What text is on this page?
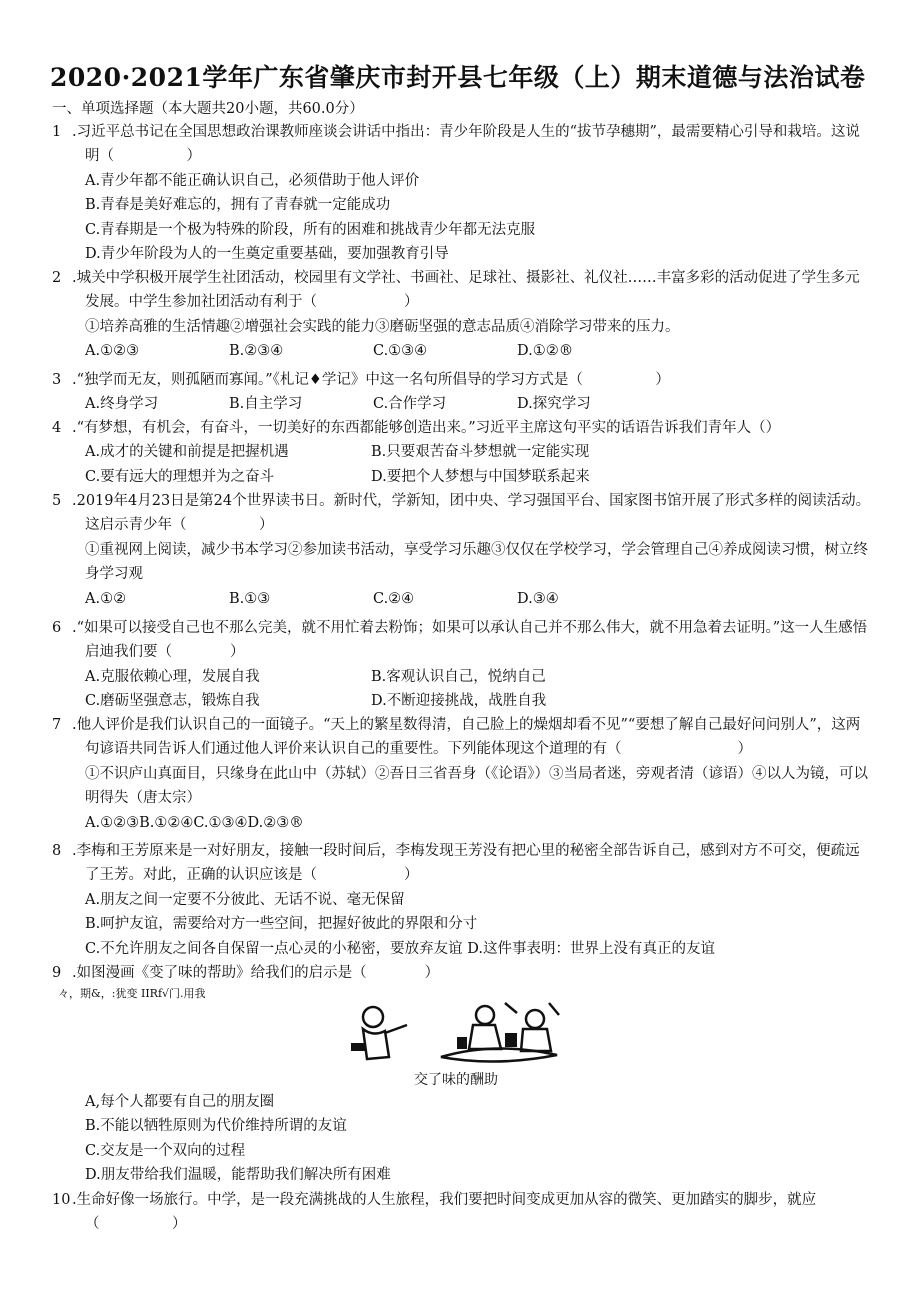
2020·2021学年广东省肇庆市封开县七年级（上）期末道德与法治试卷
一、单项选择题（本大题共20小题，共60.0分）
1 .习近平总书记在全国思想政治课教师座谈会讲话中指出：青少年阶段是人生的“拔节孕穗期”，最需要精心引导和栽培。这说明（　　　　　）
A.青少年都不能正确认识自己，必须借助于他人评价
B.青春是美好难忘的，拥有了青春就一定能成功
C.青春期是一个极为特殊的阶段，所有的困难和挑战青少年都无法克服
D.青少年阶段为人的一生奠定重要基础，要加强教育引导
2 .城关中学积极开展学生社团活动，校园里有文学社、书画社、足球社、摄影社、礼仪社……丰富多彩的活动促进了学生多元发展。中学生参加社团活动有利于（　　　　　　）
①培养高雅的生活情趣②增强社会实践的能力③磨砺坚强的意志品质④消除学习带来的压力。
A.①②③	B.②③④	C.①③④	D.①②®
3 .“独学而无友，则孤陋而寡闻。”《札记♦学记》中这一名句所倡导的学习方式是（　　　　　）
A.终身学习	B.自主学习	C.合作学习	D.探究学习
4 .“有梦想，有机会，有奋斗，一切美好的东西都能够创造出来。”习近平主席这句平实的话语告诉我们青年人（）
A.成才的关键和前提是把握机遇	B.只要艰苦奋斗梦想就一定能实现
C.要有远大的理想并为之奋斗	D.要把个人梦想与中国梦联系起来
5 .2019年4月23日是第24个世界读书日。新时代，学新知，团中央、学习强国平台、国家图书馆开展了形式多样的阅读活动。这启示青少年（　　　　　）
①重视网上阅读，减少书本学习②参加读书活动，享受学习乐趣③仅仅在学校学习，学会管理自己④养成阅读习惯，树立终身学习观
A.①②	B.①③	C.②④	D.③④
6 .“如果可以接受自己也不那么完美，就不用忙着去粉饰；如果可以承认自己并不那么伟大，就不用急着去证明。”这一人生感悟启迪我们要（　　　　）
A.克服依赖心理，发展自我	B.客观认识自己，悦纳自己
C.磨砺坚强意志，锻炼自我	D.不断迎接挑战，战胜自我
7 .他人评价是我们认识自己的一面镜子。“天上的繁星数得清，自己脸上的燥烟却看不见”“要想了解自己最好问问别人”，这两句谚语共同告诉人们通过他人评价来认识自己的重要性。下列能体现这个道理的有（　　　　　　　　）
①不识庐山真面目，只缘身在此山中（苏轼）②吾日三省吾身（《论语》）③当局者迷，旁观者清（谚语）④以人为镜，可以明得失（唐太宗）
A.①②③B.①②④C.①③④D.②③®
8 .李梅和王芳原来是一对好朋友，接触一段时间后，李梅发现王芳没有把心里的秘密全部告诉自己，感到对方不可交，便疏远了王芳。对此，正确的认识应该是（　　　　　　）
A.朋友之间一定要不分彼此、无话不说、毫无保留
B.呵护友谊，需要给对方一些空间，把握好彼此的界限和分寸
C.不允许朋友之间各自保留一点心灵的小秘密，要放弃友谊 D.这件事表明：世界上没有真正的友谊
9 .如图漫画《变了味的帮助》给我们的启示是（　　　　）
々，期&，:犹变 IIRf√门.用我
交了味的酬助
A,每个人都要有自己的朋友圈
B.不能以牺牲原则为代价维持所谓的友谊
C.交友是一个双向的过程
D.朋友带给我们温暖，能帮助我们解决所有困难
10 .生命好像一场旅行。中学，是一段充满挑战的人生旅程，我们要把时间变成更加从容的微笑、更加踏实的脚步，就应（　　　　　）
